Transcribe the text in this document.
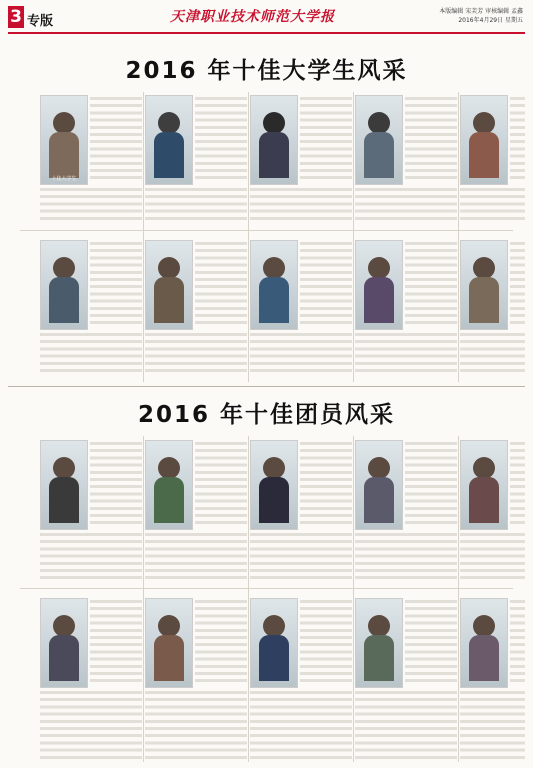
3 专版	天津职业技术师范大学报	本版编辑 宋芙芳 审核编辑 孟鑫
2016年4月29日 星期五
2016 年十佳大学生风采
十佳大学生
2016 年十佳团员风采
